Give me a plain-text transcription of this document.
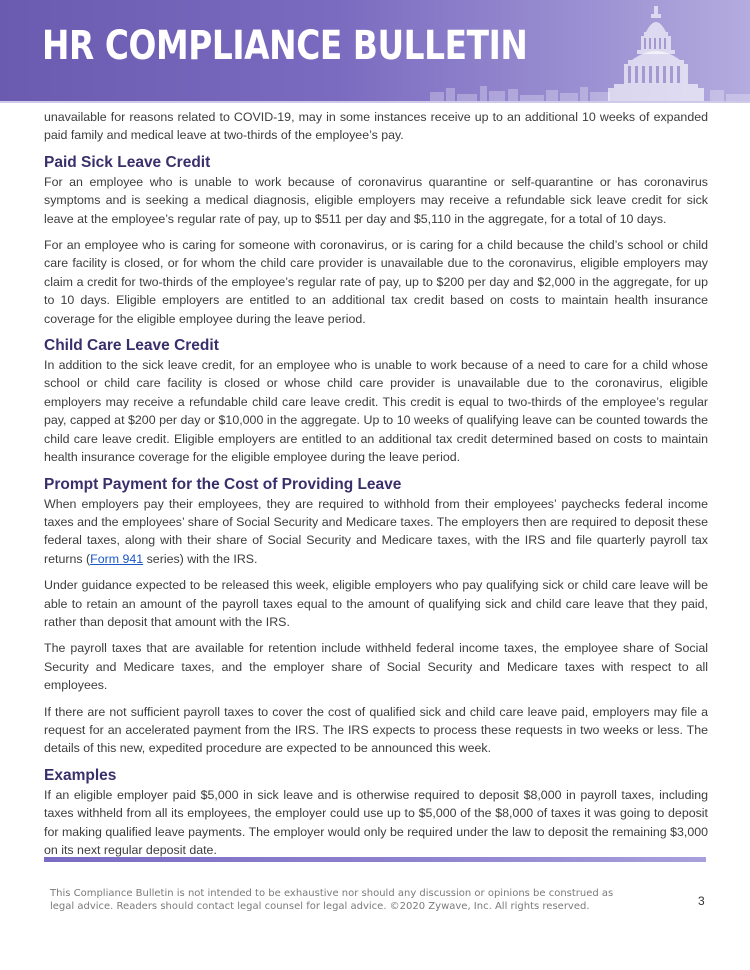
HR COMPLIANCE BULLETIN

unavailable for reasons related to COVID-19, may in some instances receive up to an additional 10 weeks of expanded paid family and medical leave at two-thirds of the employee’s pay.

Paid Sick Leave Credit

For an employee who is unable to work because of coronavirus quarantine or self-quarantine or has coronavirus symptoms and is seeking a medical diagnosis, eligible employers may receive a refundable sick leave credit for sick leave at the employee’s regular rate of pay, up to $511 per day and $5,110 in the aggregate, for a total of 10 days.

For an employee who is caring for someone with coronavirus, or is caring for a child because the child’s school or child care facility is closed, or for whom the child care provider is unavailable due to the coronavirus, eligible employers may claim a credit for two-thirds of the employee’s regular rate of pay, up to $200 per day and $2,000 in the aggregate, for up to 10 days. Eligible employers are entitled to an additional tax credit based on costs to maintain health insurance coverage for the eligible employee during the leave period.

Child Care Leave Credit

In addition to the sick leave credit, for an employee who is unable to work because of a need to care for a child whose school or child care facility is closed or whose child care provider is unavailable due to the coronavirus, eligible employers may receive a refundable child care leave credit. This credit is equal to two-thirds of the employee’s regular pay, capped at $200 per day or $10,000 in the aggregate. Up to 10 weeks of qualifying leave can be counted towards the child care leave credit. Eligible employers are entitled to an additional tax credit determined based on costs to maintain health insurance coverage for the eligible employee during the leave period.

Prompt Payment for the Cost of Providing Leave

When employers pay their employees, they are required to withhold from their employees’ paychecks federal income taxes and the employees’ share of Social Security and Medicare taxes. The employers then are required to deposit these federal taxes, along with their share of Social Security and Medicare taxes, with the IRS and file quarterly payroll tax returns (Form 941 series) with the IRS.

Under guidance expected to be released this week, eligible employers who pay qualifying sick or child care leave will be able to retain an amount of the payroll taxes equal to the amount of qualifying sick and child care leave that they paid, rather than deposit that amount with the IRS.

The payroll taxes that are available for retention include withheld federal income taxes, the employee share of Social Security and Medicare taxes, and the employer share of Social Security and Medicare taxes with respect to all employees.

If there are not sufficient payroll taxes to cover the cost of qualified sick and child care leave paid, employers may file a request for an accelerated payment from the IRS. The IRS expects to process these requests in two weeks or less. The details of this new, expedited procedure are expected to be announced this week.

Examples

If an eligible employer paid $5,000 in sick leave and is otherwise required to deposit $8,000 in payroll taxes, including taxes withheld from all its employees, the employer could use up to $5,000 of the $8,000 of taxes it was going to deposit for making qualified leave payments. The employer would only be required under the law to deposit the remaining $3,000 on its next regular deposit date.

This Compliance Bulletin is not intended to be exhaustive nor should any discussion or opinions be construed as
legal advice. Readers should contact legal counsel for legal advice. ©2020 Zywave, Inc. All rights reserved.	3
